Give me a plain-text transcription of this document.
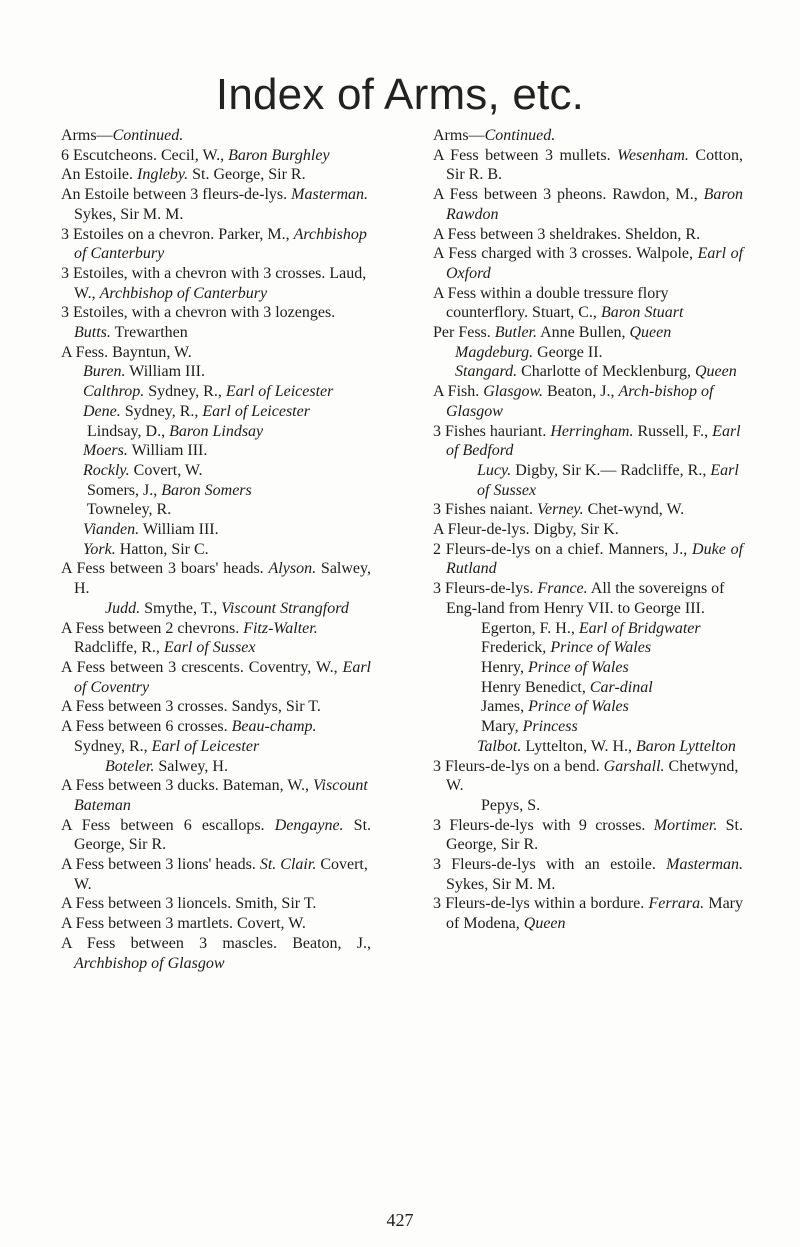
Index of Arms, etc.
Arms—Continued.
6 Escutcheons. Cecil, W., Baron Burghley
An Estoile. Ingleby. St. George, Sir R.
An Estoile between 3 fleurs-de-lys. Masterman. Sykes, Sir M. M.
3 Estoiles on a chevron. Parker, M., Archbishop of Canterbury
3 Estoiles, with a chevron with 3 crosses. Laud, W., Archbishop of Canterbury
3 Estoiles, with a chevron with 3 lozenges. Butts. Trewarthen
A Fess. Bayntun, W.
Buren. William III.
Calthrop. Sydney, R., Earl of Leicester
Dene. Sydney, R., Earl of Leicester
Lindsay, D., Baron Lindsay
Moers. William III.
Rockly. Covert, W.
Somers, J., Baron Somers
Towneley, R.
Vianden. William III.
York. Hatton, Sir C.
A Fess between 3 boars' heads. Alyson. Salwey, H.
Judd. Smythe, T., Viscount Strangford
A Fess between 2 chevrons. Fitz-Walter. Radcliffe, R., Earl of Sussex
A Fess between 3 crescents. Coventry, W., Earl of Coventry
A Fess between 3 crosses. Sandys, Sir T.
A Fess between 6 crosses. Beau-champ. Sydney, R., Earl of Leicester
Boteler. Salwey, H.
A Fess between 3 ducks. Bateman, W., Viscount Bateman
A Fess between 6 escallops. Dengayne. St. George, Sir R.
A Fess between 3 lions' heads. St. Clair. Covert, W.
A Fess between 3 lioncels. Smith, Sir T.
A Fess between 3 martlets. Covert, W.
A Fess between 3 mascles. Beaton, J., Archbishop of Glasgow
Arms—Continued.
A Fess between 3 mullets. Wesenham. Cotton, Sir R. B.
A Fess between 3 pheons. Rawdon, M., Baron Rawdon
A Fess between 3 sheldrakes. Sheldon, R.
A Fess charged with 3 crosses. Walpole, Earl of Oxford
A Fess within a double tressure flory counterflory. Stuart, C., Baron Stuart
Per Fess. Butler. Anne Bullen, Queen
Magdeburg. George II.
Stangard. Charlotte of Mecklenburg, Queen
A Fish. Glasgow. Beaton, J., Arch-bishop of Glasgow
3 Fishes hauriant. Herringham. Russell, F., Earl of Bedford
Lucy. Digby, Sir K.— Radcliffe, R., Earl of Sussex
3 Fishes naiant. Verney. Chet-wynd, W.
A Fleur-de-lys. Digby, Sir K.
2 Fleurs-de-lys on a chief. Manners, J., Duke of Rutland
3 Fleurs-de-lys. France. All the sovereigns of Eng-land from Henry VII. to George III.
Egerton, F. H., Earl of Bridgwater
Frederick, Prince of Wales
Henry, Prince of Wales
Henry Benedict, Car-dinal
James, Prince of Wales
Mary, Princess
Talbot. Lyttelton, W. H., Baron Lyttelton
3 Fleurs-de-lys on a bend. Garshall. Chetwynd, W.
Pepys, S.
3 Fleurs-de-lys with 9 crosses. Mortimer. St. George, Sir R.
3 Fleurs-de-lys with an estoile. Masterman. Sykes, Sir M. M.
3 Fleurs-de-lys within a bordure. Ferrara. Mary of Modena, Queen
427
